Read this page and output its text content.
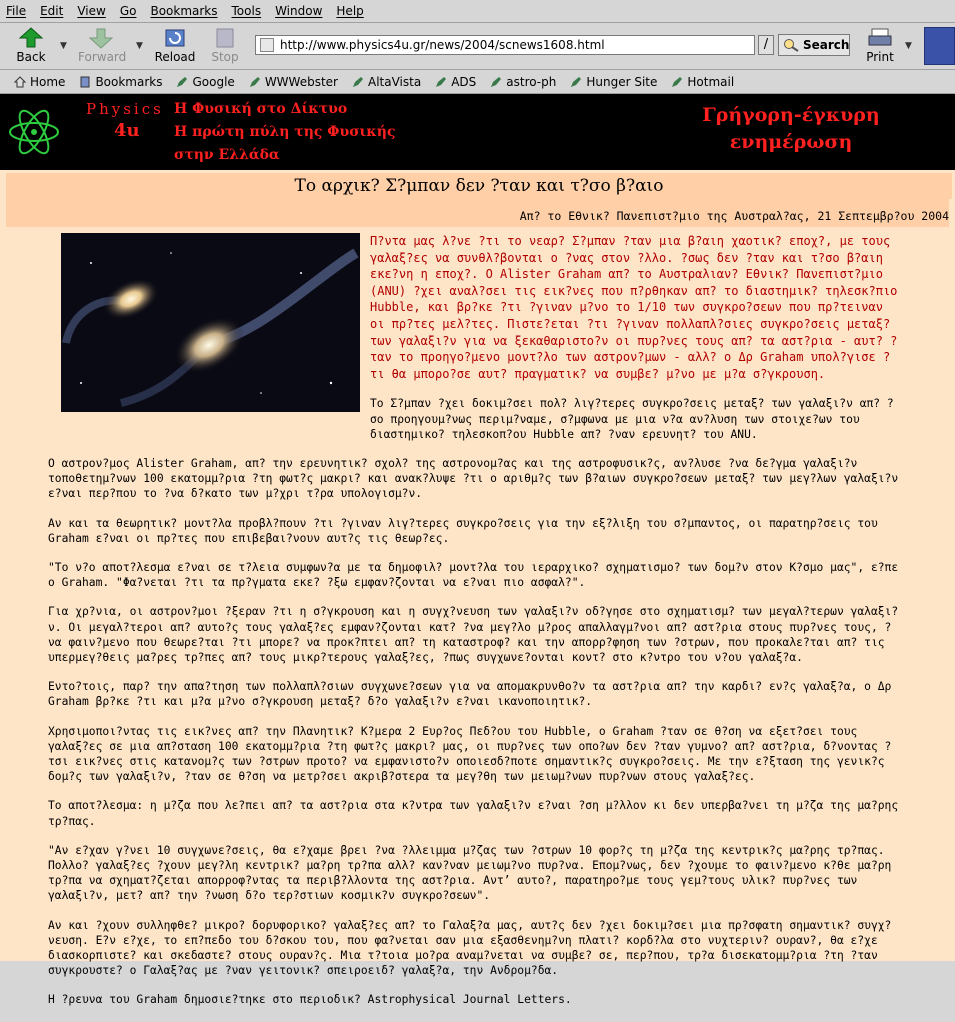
File Edit View Go Bookmarks Tools Window Help
Back
▼
Forward
▼
Reload	Stop
http://www.physics4u.gr/news/2004/scnews1608.html
/	Search
Print
▼
Home	Bookmarks	Google	WWWebster	AltaVista	ADS	astro-ph	Hunger Site	Hotmail
Physics
4u
Η Φυσική στο Δίκτυο
Η πρώτη πύλη της Φυσικής
στην Ελλάδα
Γρήγορη-έγκυρη
ενημέρωση
Το αρχικ? Σ?μπαν δεν ?ταν και τ?σο β?αιο
Απ? το Εθνικ? Πανεπιστ?μιο της Αυστραλ?ας, 21 Σεπτεμβρ?ου 2004

Π?ντα μας λ?νε ?τι το νεαρ? Σ?μπαν ?ταν μια β?αιη χαοτικ? εποχ?, με τους γαλαξ?ες να συνθλ?βονται ο ?νας στον ?λλο. ?σως δεν ?ταν και τ?σο β?αιη εκε?νη η εποχ?. Ο Alister Graham απ? το Αυστραλιαν? Εθνικ? Πανεπιστ?μιο (ANU) ?χει αναλ?σει τις εικ?νες που π?ρθηκαν απ? το διαστημικ? τηλεσκ?πιο Hubble, και βρ?κε ?τι ?γιναν μ?νο το 1/10 των συγκρο?σεων που πρ?τειναν οι πρ?τες μελ?τες. Πιστε?εται ?τι ?γιναν πολλαπλ?σιες συγκρο?σεις μεταξ? των γαλαξι?ν για να ξεκαθαριστο?ν οι πυρ?νες τους απ? τα αστ?ρια - αυτ? ?ταν το προηγο?μενο μοντ?λο των αστρον?μων - αλλ? ο Δρ Graham υπολ?γισε ?τι θα μπορο?σε αυτ? πραγματικ? να συμβε? μ?νο με μ?α σ?γκρουση.

Το Σ?μπαν ?χει δοκιμ?σει πολ? λιγ?τερες συγκρο?σεις μεταξ? των γαλαξι?ν απ? ?σο προηγουμ?νως περιμ?ναμε, σ?μφωνα με μια ν?α αν?λυση των στοιχε?ων του διαστημικο? τηλεσκοπ?ου Hubble απ? ?ναν ερευνητ? του ANU.

Ο αστρον?μος Alister Graham, απ? την ερευνητικ? σχολ? της αστρονομ?ας και της αστροφυσικ?ς, αν?λυσε ?να δε?γμα γαλαξι?ν τοποθετημ?νων 100 εκατομμ?ρια ?τη φωτ?ς μακρι? και ανακ?λυψε ?τι ο αριθμ?ς των β?αιων συγκρο?σεων μεταξ? των μεγ?λων γαλαξι?ν ε?ναι περ?που το ?να δ?κατο των μ?χρι τ?ρα υπολογισμ?ν.

Αν και τα θεωρητικ? μοντ?λα προβλ?πουν ?τι ?γιναν λιγ?τερες συγκρο?σεις για την εξ?λιξη του σ?μπαντος, οι παρατηρ?σεις του Graham ε?ναι οι πρ?τες που επιβεβαι?νουν αυτ?ς τις θεωρ?ες.

"Το ν?ο αποτ?λεσμα ε?ναι σε τ?λεια συμφων?α με τα δημοφιλ? μοντ?λα του ιεραρχικο? σχηματισμο? των δομ?ν στον Κ?σμο μας", ε?πε ο Graham. "Φα?νεται ?τι τα πρ?γματα εκε? ?ξω εμφαν?ζονται να ε?ναι πιο ασφαλ?".

Για χρ?νια, οι αστρον?μοι ?ξεραν ?τι η σ?γκρουση και η συγχ?νευση των γαλαξι?ν οδ?γησε στο σχηματισμ? των μεγαλ?τερων γαλαξι?ν. Οι μεγαλ?τεροι απ? αυτο?ς τους γαλαξ?ες εμφαν?ζονται κατ? ?να μεγ?λο μ?ρος απαλλαγμ?νοι απ? αστ?ρια στους πυρ?νες τους, ?να φαιν?μενο που θεωρε?ται ?τι μπορε? να προκ?πτει απ? τη καταστροφ? και την απορρ?φηση των ?στρων, που προκαλε?ται απ? τις υπερμεγ?θεις μα?ρες τρ?πες απ? τους μικρ?τερους γαλαξ?ες, ?πως συγχωνε?ονται κοντ? στο κ?ντρο του ν?ου γαλαξ?α.

Εντο?τοις, παρ? την απα?τηση των πολλαπλ?σιων συγχωνε?σεων για να απομακρυνθο?ν τα αστ?ρια απ? την καρδι? εν?ς γαλαξ?α, ο Δρ Graham βρ?κε ?τι και μ?α μ?νο σ?γκρουση μεταξ? δ?ο γαλαξι?ν ε?ναι ικανοποιητικ?.

Χρησιμοποι?ντας τις εικ?νες απ? την Πλανητικ? Κ?μερα 2 Ευρ?ος Πεδ?ου του Hubble, ο Graham ?ταν σε θ?ση να εξετ?σει τους γαλαξ?ες σε μια απ?σταση 100 εκατομμ?ρια ?τη φωτ?ς μακρι? μας, οι πυρ?νες των οπο?ων δεν ?ταν γυμνο? απ? αστ?ρια, δ?νοντας ?τσι εικ?νες στις κατανομ?ς των ?στρων προτο? να εμφανιστο?ν οποιεσδ?ποτε σημαντικ?ς συγκρο?σεις. Με την ε?ξταση της γενικ?ς δομ?ς των γαλαξι?ν, ?ταν σε θ?ση να μετρ?σει ακριβ?στερα τα μεγ?θη των μειωμ?νων πυρ?νων στους γαλαξ?ες.

Το αποτ?λεσμα: η μ?ζα που λε?πει απ? τα αστ?ρια στα κ?ντρα των γαλαξι?ν ε?ναι ?ση μ?λλον κι δεν υπερβα?νει τη μ?ζα της μα?ρης τρ?πας.

"Αν ε?χαν γ?νει 10 συγχωνε?σεις, θα ε?χαμε βρει ?να ?λλειμμα μ?ζας των ?στρων 10 φορ?ς τη μ?ζα της κεντρικ?ς μα?ρης τρ?πας. Πολλο? γαλαξ?ες ?χουν μεγ?λη κεντρικ? μα?ρη τρ?πα αλλ? καν?ναν μειωμ?νο πυρ?να. Επομ?νως, δεν ?χουμε το φαιν?μενο κ?θε μα?ρη τρ?πα να σχηματ?ζεται απορροφ?ντας τα περιβ?λλοντα της αστ?ρια. Αντ’ αυτο?, παρατηρο?με τους γεμ?τους υλικ? πυρ?νες των γαλαξι?ν, μετ? απ? την ?νωση δ?ο τερ?στιων κοσμικ?ν συγκρο?σεων".

Αν και ?χουν συλληφθε? μικρο? δορυφορικο? γαλαξ?ες απ? το Γαλαξ?α μας, αυτ?ς δεν ?χει δοκιμ?σει μια πρ?σφατη σημαντικ? συγχ?νευση. Ε?ν ε?χε, το επ?πεδο του δ?σκου του, που φα?νεται σαν μια εξασθενημ?νη πλατι? κορδ?λα στο νυχτεριν? ουραν?, θα ε?χε διασκορπιστε? και σκεδαστε? στους ουραν?ς. Μια τ?τοια μο?ρα αναμ?νεται να συμβε? σε, περ?που, τρ?α δισεκατομμ?ρια ?τη ?ταν συγκρουστε? ο Γαλαξ?ας με ?ναν γειτονικ? σπειροειδ? γαλαξ?α, την Ανδρομ?δα.

Η ?ρευνα του Graham δημοσιε?τηκε στο περιοδικ? Astrophysical Journal Letters.
